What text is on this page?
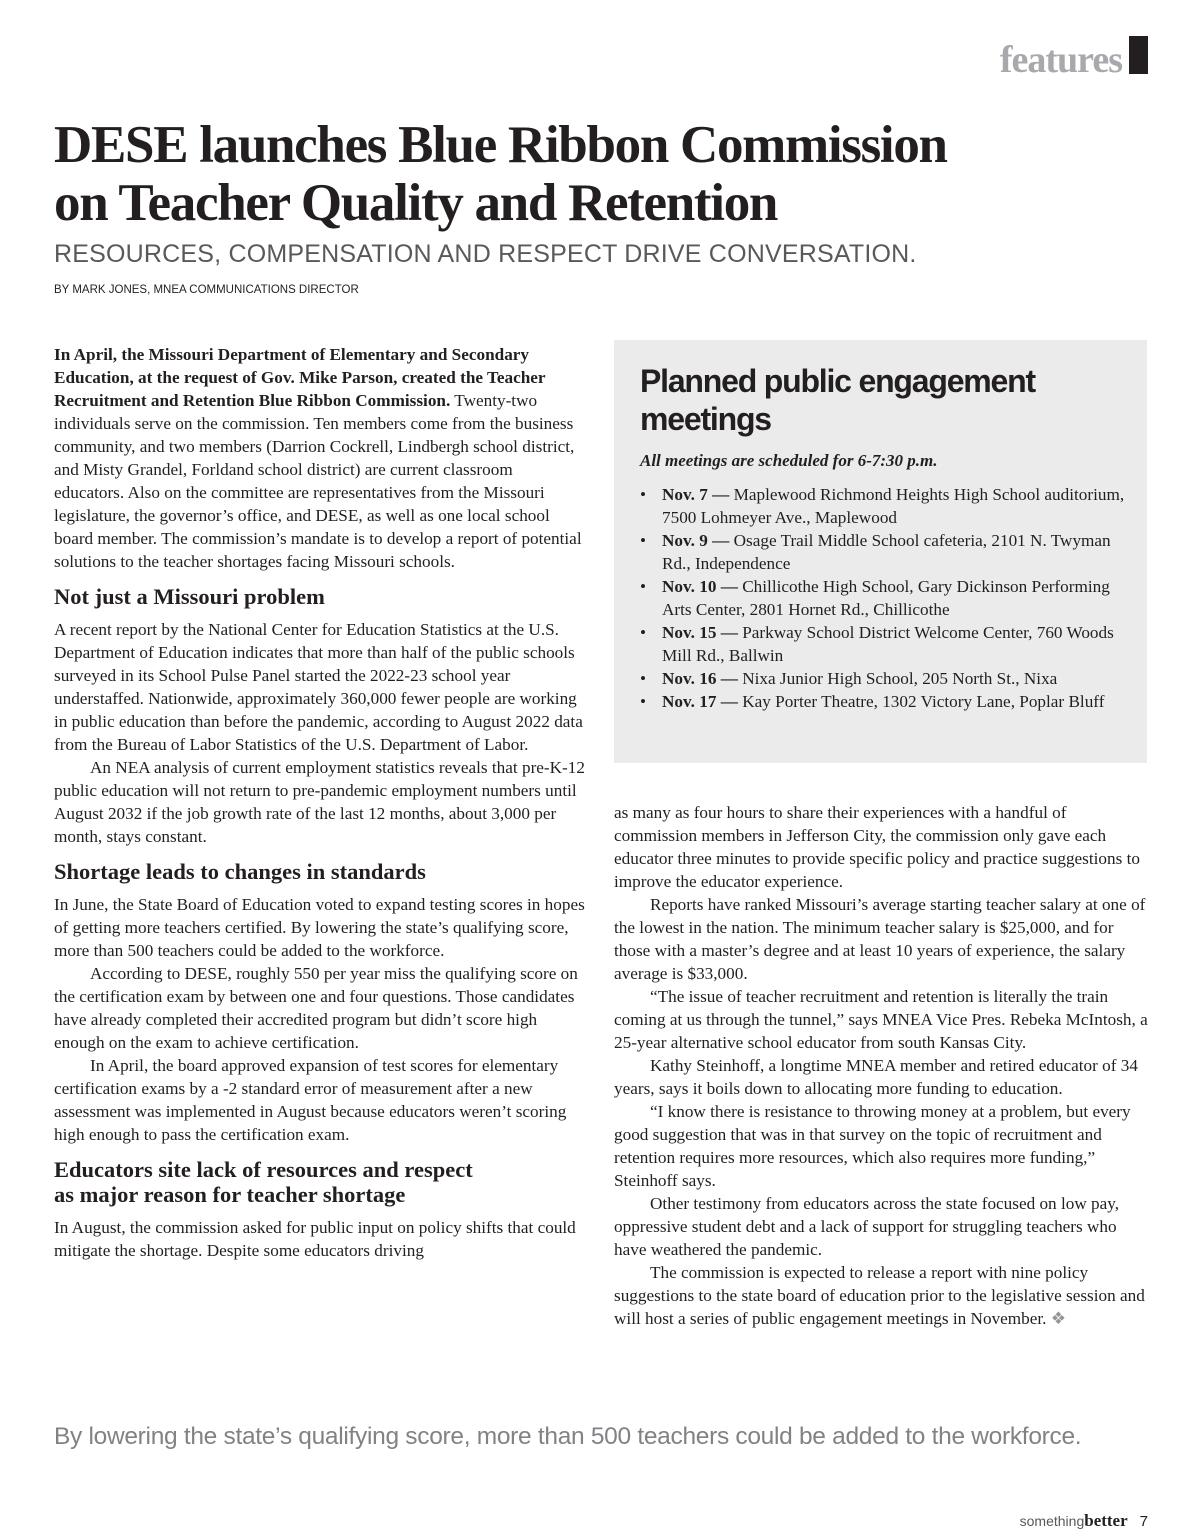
features
DESE launches Blue Ribbon Commission
on Teacher Quality and Retention

RESOURCES, COMPENSATION AND RESPECT DRIVE CONVERSATION.

BY MARK JONES, MNEA COMMUNICATIONS DIRECTOR

In April, the Missouri Department of Elementary and Secondary Education, at the request of Gov. Mike Parson, created the Teacher Recruitment and Retention Blue Ribbon Commission. Twenty-two individuals serve on the commission. Ten members come from the business community, and two members (Darrion Cockrell, Lindbergh school district, and Misty Grandel, Forldand school district) are current classroom educators. Also on the committee are representatives from the Missouri legislature, the governor’s office, and DESE, as well as one local school board member. The commission’s mandate is to develop a report of potential solutions to the teacher shortages facing Missouri schools.

Not just a Missouri problem

A recent report by the National Center for Education Statistics at the U.S. Department of Education indicates that more than half of the public schools surveyed in its School Pulse Panel started the 2022-23 school year understaffed. Nationwide, approximately 360,000 fewer people are working in public education than before the pandemic, according to August 2022 data from the Bureau of Labor Statistics of the U.S. Department of Labor.

An NEA analysis of current employment statistics reveals that pre-K-12 public education will not return to pre-pandemic employment numbers until August 2032 if the job growth rate of the last 12 months, about 3,000 per month, stays constant.

Shortage leads to changes in standards

In June, the State Board of Education voted to expand testing scores in hopes of getting more teachers certified. By lowering the state’s qualifying score, more than 500 teachers could be added to the workforce.

According to DESE, roughly 550 per year miss the qualifying score on the certification exam by between one and four questions. Those candidates have already completed their accredited program but didn’t score high enough on the exam to achieve certification.

In April, the board approved expansion of test scores for elementary certification exams by a -2 standard error of measurement after a new assessment was implemented in August because educators weren’t scoring high enough to pass the certification exam.

Educators site lack of resources and respect
as major reason for teacher shortage

In August, the commission asked for public input on policy shifts that could mitigate the shortage. Despite some educators driving

Planned public engagement
meetings

All meetings are scheduled for 6-7:30 p.m.

• Nov. 7 — Maplewood Richmond Heights High School auditorium, 7500 Lohmeyer Ave., Maplewood
• Nov. 9 — Osage Trail Middle School cafeteria, 2101 N. Twyman Rd., Independence
• Nov. 10 — Chillicothe High School, Gary Dickinson Performing Arts Center, 2801 Hornet Rd., Chillicothe
• Nov. 15 — Parkway School District Welcome Center, 760 Woods Mill Rd., Ballwin
• Nov. 16 — Nixa Junior High School, 205 North St., Nixa
• Nov. 17 — Kay Porter Theatre, 1302 Victory Lane, Poplar Bluff

as many as four hours to share their experiences with a handful of commission members in Jefferson City, the commission only gave each educator three minutes to provide specific policy and practice suggestions to improve the educator experience.

Reports have ranked Missouri’s average starting teacher salary at one of the lowest in the nation. The minimum teacher salary is $25,000, and for those with a master’s degree and at least 10 years of experience, the salary average is $33,000.

“The issue of teacher recruitment and retention is literally the train coming at us through the tunnel,” says MNEA Vice Pres. Rebeka McIntosh, a 25-year alternative school educator from south Kansas City.

Kathy Steinhoff, a longtime MNEA member and retired educator of 34 years, says it boils down to allocating more funding to education.

“I know there is resistance to throwing money at a problem, but every good suggestion that was in that survey on the topic of recruitment and retention requires more resources, which also requires more funding,” Steinhoff says.

Other testimony from educators across the state focused on low pay, oppressive student debt and a lack of support for struggling teachers who have weathered the pandemic.

The commission is expected to release a report with nine policy suggestions to the state board of education prior to the legislative session and will host a series of public engagement meetings in November. ❖

By lowering the state’s qualifying score, more than 500 teachers could be added to the workforce.

somethingbetter 7
